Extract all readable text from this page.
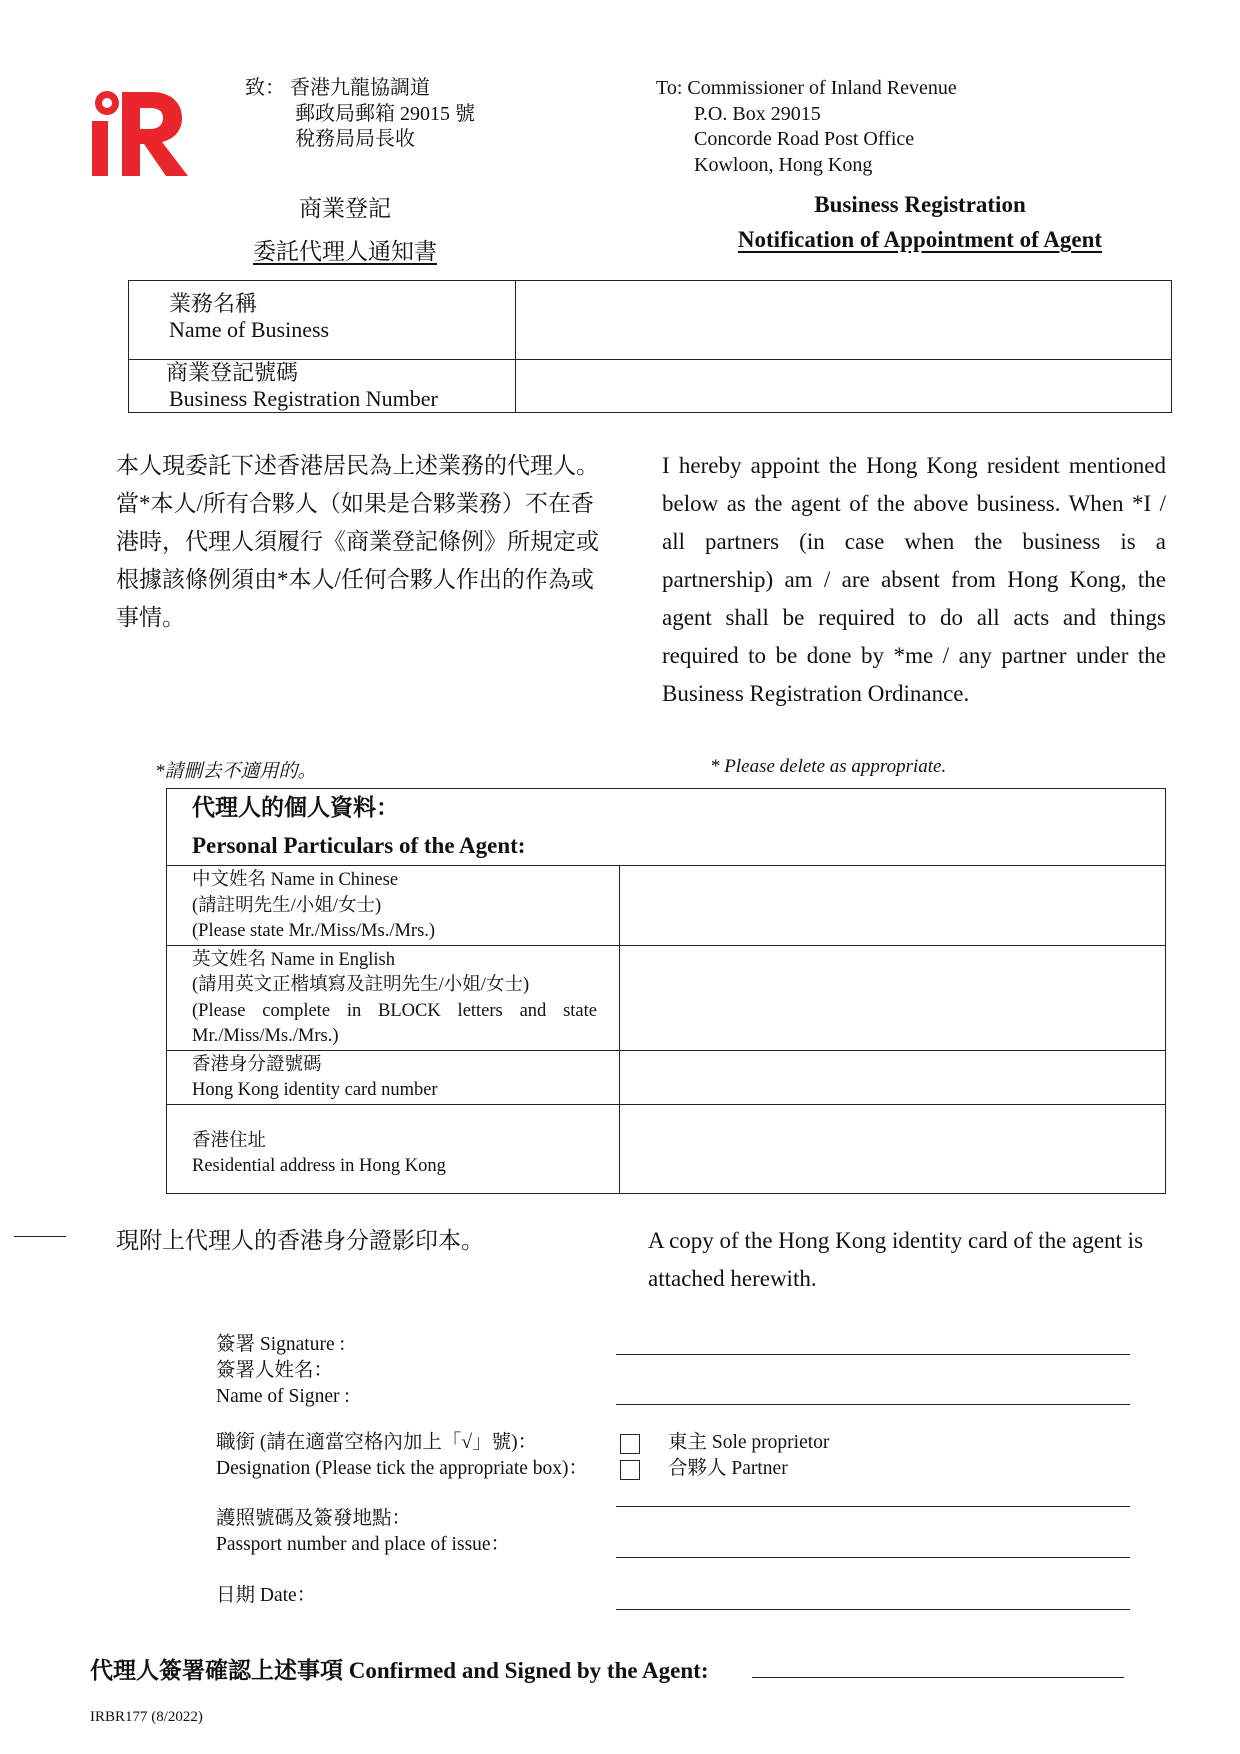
致： 香港九龍協調道
郵政局郵箱 29015 號
稅務局局長收
To: Commissioner of Inland Revenue
P.O. Box 29015
Concorde Road Post Office
Kowloon, Hong Kong
商業登記
委託代理人通知書
Business Registration
Notification of Appointment of Agent
業務名稱
Name of Business	

商業登記號碼
Business Registration Number	

本人現委託下述香港居民為上述業務的代理人。當*本人/所有合夥人（如果是合夥業務）不在香港時，代理人須履行《商業登記條例》所規定或根據該條例須由*本人/任何合夥人作出的作為或事情。
I hereby appoint the Hong Kong resident mentioned below as the agent of the above business. When *I / all partners (in case when the business is a partnership) am / are absent from Hong Kong, the agent shall be required to do all acts and things required to be done by *me / any partner under the Business Registration Ordinance.
*請刪去不適用的。	* Please delete as appropriate.
代理人的個人資料：
Personal Particulars of the Agent:	

中文姓名 Name in Chinese
(請註明先生/小姐/女士)
(Please state Mr./Miss/Ms./Mrs.)	

英文姓名 Name in English
(請用英文正楷填寫及註明先生/小姐/女士)
(Please complete in BLOCK letters and state Mr./Miss/Ms./Mrs.)	

香港身分證號碼
Hong Kong identity card number	

香港住址
Residential address in Hong Kong	

現附上代理人的香港身分證影印本。	A copy of the Hong Kong identity card of the agent is attached herewith.
簽署 Signature :
簽署人姓名：
Name of Signer :
職銜 (請在適當空格內加上「√」號)：
Designation (Please tick the appropriate box)：
東主 Sole proprietor
合夥人 Partner
護照號碼及簽發地點：
Passport number and place of issue：
日期 Date：
代理人簽署確認上述事項 Confirmed and Signed by the Agent:
IRBR177 (8/2022)
